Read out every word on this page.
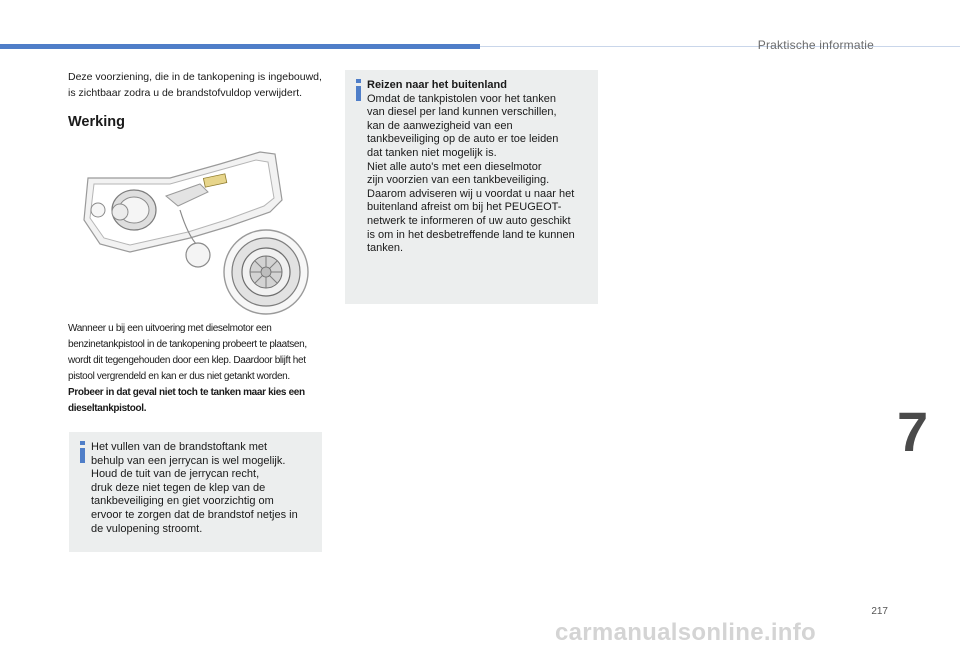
Praktische informatie
Deze voorziening, die in de tankopening is ingebouwd,
is zichtbaar zodra u de brandstofvuldop verwijdert.
Werking
Wanneer u bij een uitvoering met dieselmotor een
benzinetankpistool in de tankopening probeert te plaatsen,
wordt dit tegengehouden door een klep. Daardoor blijft het
pistool vergrendeld en kan er dus niet getankt worden.
Probeer in dat geval niet toch te tanken maar kies een
dieseltankpistool.
Het vullen van de brandstoftank met
behulp van een jerrycan is wel mogelijk.
Houd de tuit van de jerrycan recht,
druk deze niet tegen de klep van de
tankbeveiliging en giet voorzichtig om
ervoor te zorgen dat de brandstof netjes in
de vulopening stroomt.
Reizen naar het buitenland
Omdat de tankpistolen voor het tanken
van diesel per land kunnen verschillen,
kan de aanwezigheid van een
tankbeveiliging op de auto er toe leiden
dat tanken niet mogelijk is.
Niet alle auto's met een dieselmotor
zijn voorzien van een tankbeveiliging.
Daarom adviseren wij u voordat u naar het
buitenland afreist om bij het PEUGEOT-
netwerk te informeren of uw auto geschikt
is om in het desbetreffende land te kunnen
tanken.
7
217
carmanualsonline.info
